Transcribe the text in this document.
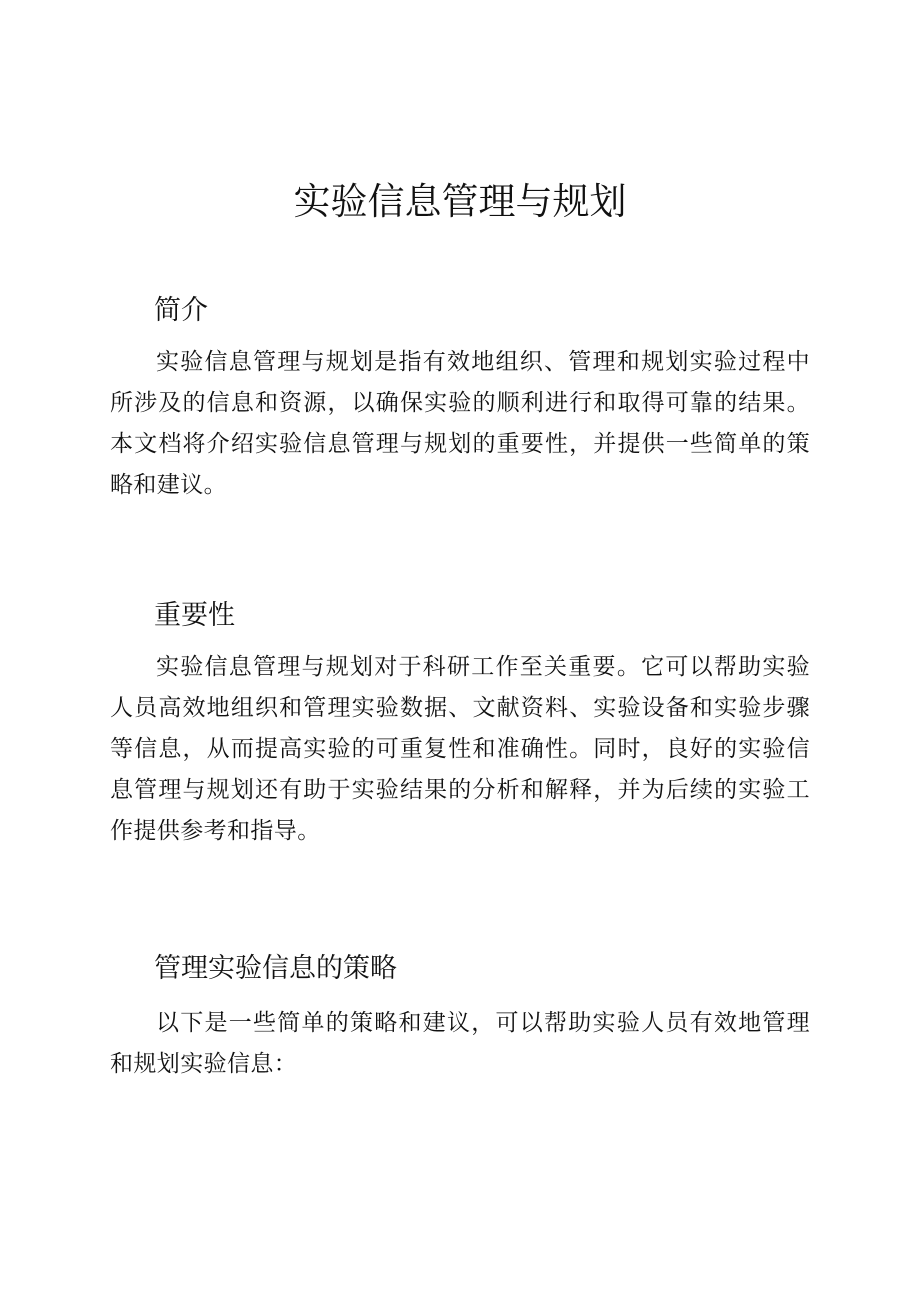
实验信息管理与规划
简介

实验信息管理与规划是指有效地组织、管理和规划实验过程中所涉及的信息和资源，以确保实验的顺利进行和取得可靠的结果。本文档将介绍实验信息管理与规划的重要性，并提供一些简单的策略和建议。

重要性

实验信息管理与规划对于科研工作至关重要。它可以帮助实验人员高效地组织和管理实验数据、文献资料、实验设备和实验步骤等信息，从而提高实验的可重复性和准确性。同时，良好的实验信息管理与规划还有助于实验结果的分析和解释，并为后续的实验工作提供参考和指导。

管理实验信息的策略

以下是一些简单的策略和建议，可以帮助实验人员有效地管理和规划实验信息：
